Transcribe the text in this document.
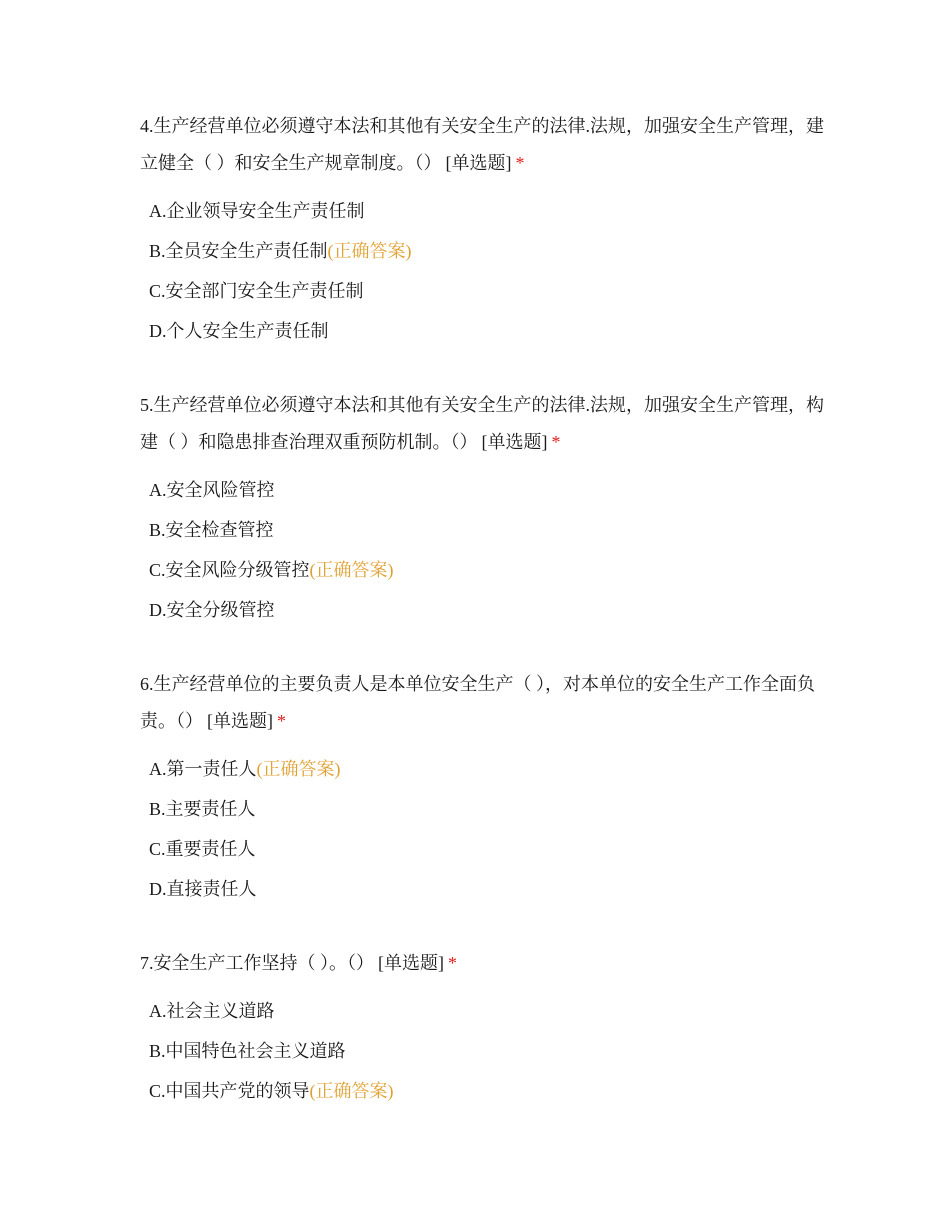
4.生产经营单位必须遵守本法和其他有关安全生产的法律.法规，加强安全生产管理，建立健全（ ）和安全生产规章制度。（） [单选题] *

A.企业领导安全生产责任制
B.全员安全生产责任制(正确答案)
C.安全部门安全生产责任制
D.个人安全生产责任制

5.生产经营单位必须遵守本法和其他有关安全生产的法律.法规，加强安全生产管理，构建（ ）和隐患排查治理双重预防机制。（） [单选题] *

A.安全风险管控
B.安全检查管控
C.安全风险分级管控(正确答案)
D.安全分级管控

6.生产经营单位的主要负责人是本单位安全生产（ ），对本单位的安全生产工作全面负责。（） [单选题] *

A.第一责任人(正确答案)
B.主要责任人
C.重要责任人
D.直接责任人

7.安全生产工作坚持（ ）。（） [单选题] *

A.社会主义道路
B.中国特色社会主义道路
C.中国共产党的领导(正确答案)
